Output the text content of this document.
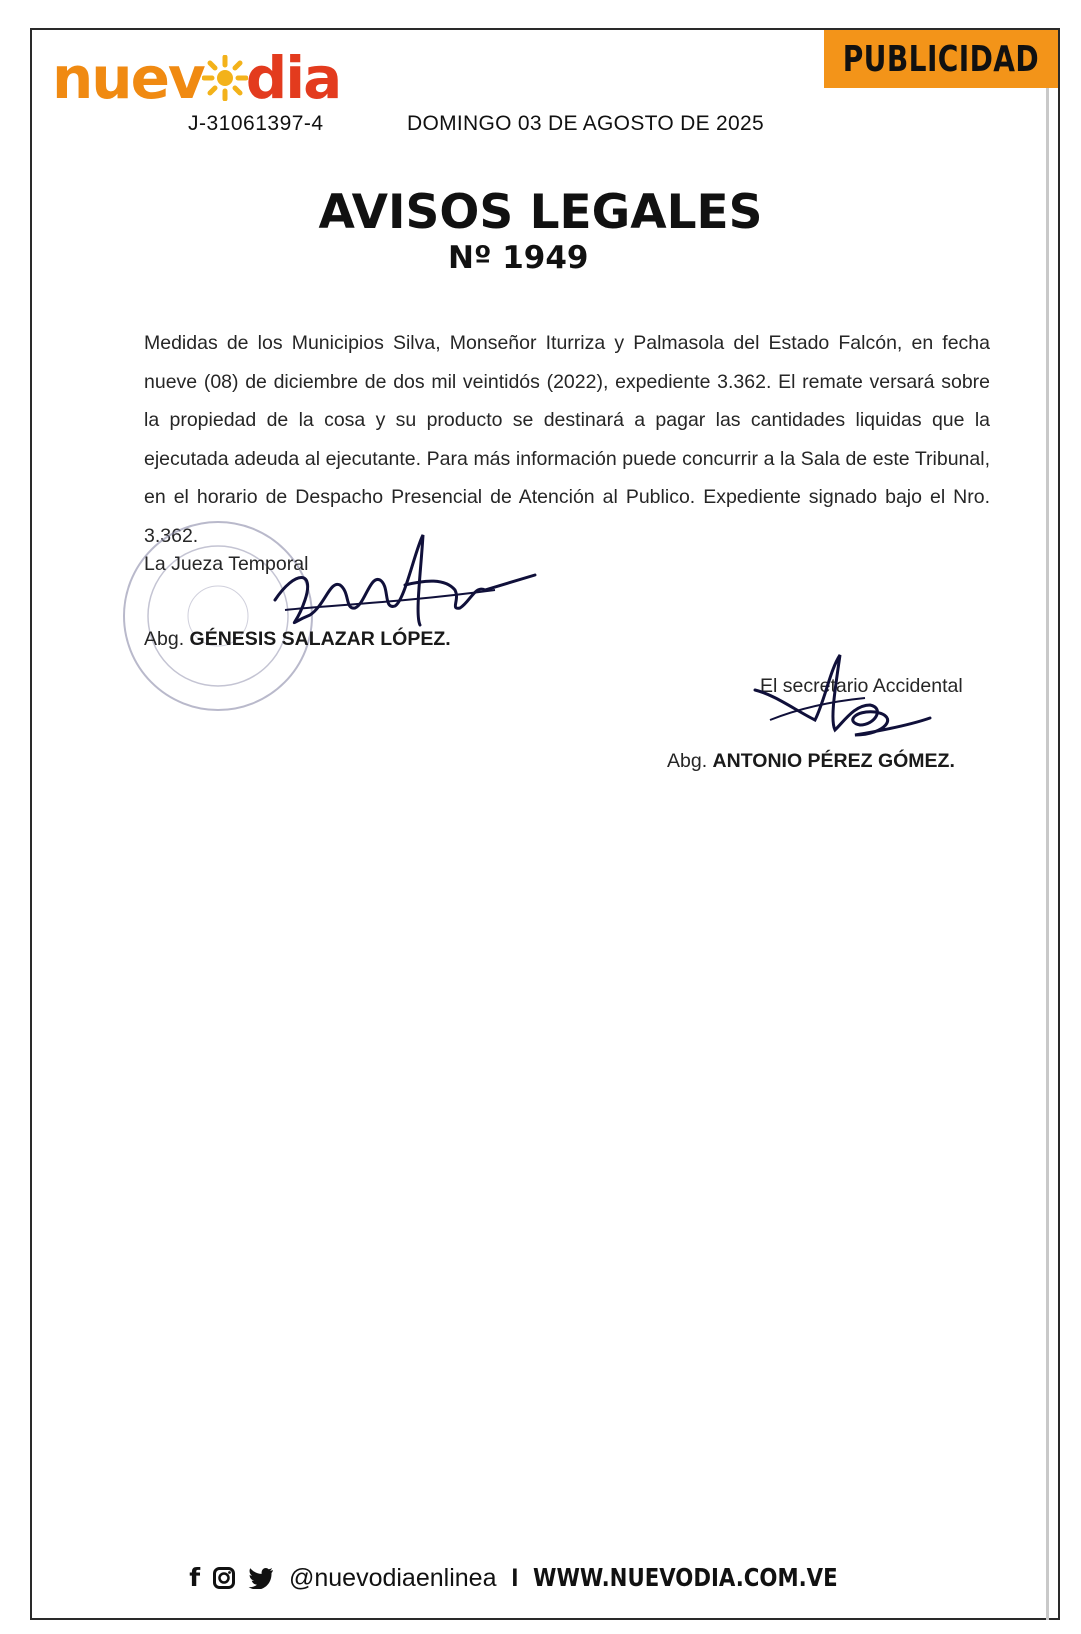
nuev dia
J-31061397-4	DOMINGO 03 DE AGOSTO DE 2025
PUBLICIDAD
AVISOS LEGALES
Nº 1949
Medidas de los Municipios Silva, Monseñor Iturriza y Palmasola del Estado Falcón, en fecha nueve (08) de diciembre de dos mil veintidós (2022), expediente 3.362. El remate versará sobre la propiedad de la cosa y su producto se destinará a pagar las cantidades liquidas que la ejecutada adeuda al ejecutante. Para más información puede concurrir a la Sala de este Tribunal, en el horario de Despacho Presencial de Atención al Publico. Expediente signado bajo el Nro. 3.362.
La Jueza Temporal
Abg. GÉNESIS SALAZAR LÓPEZ.
El secretario Accidental
Abg. ANTONIO PÉREZ GÓMEZ.
f	@nuevodiaenlinea I WWW.NUEVODIA.COM.VE
